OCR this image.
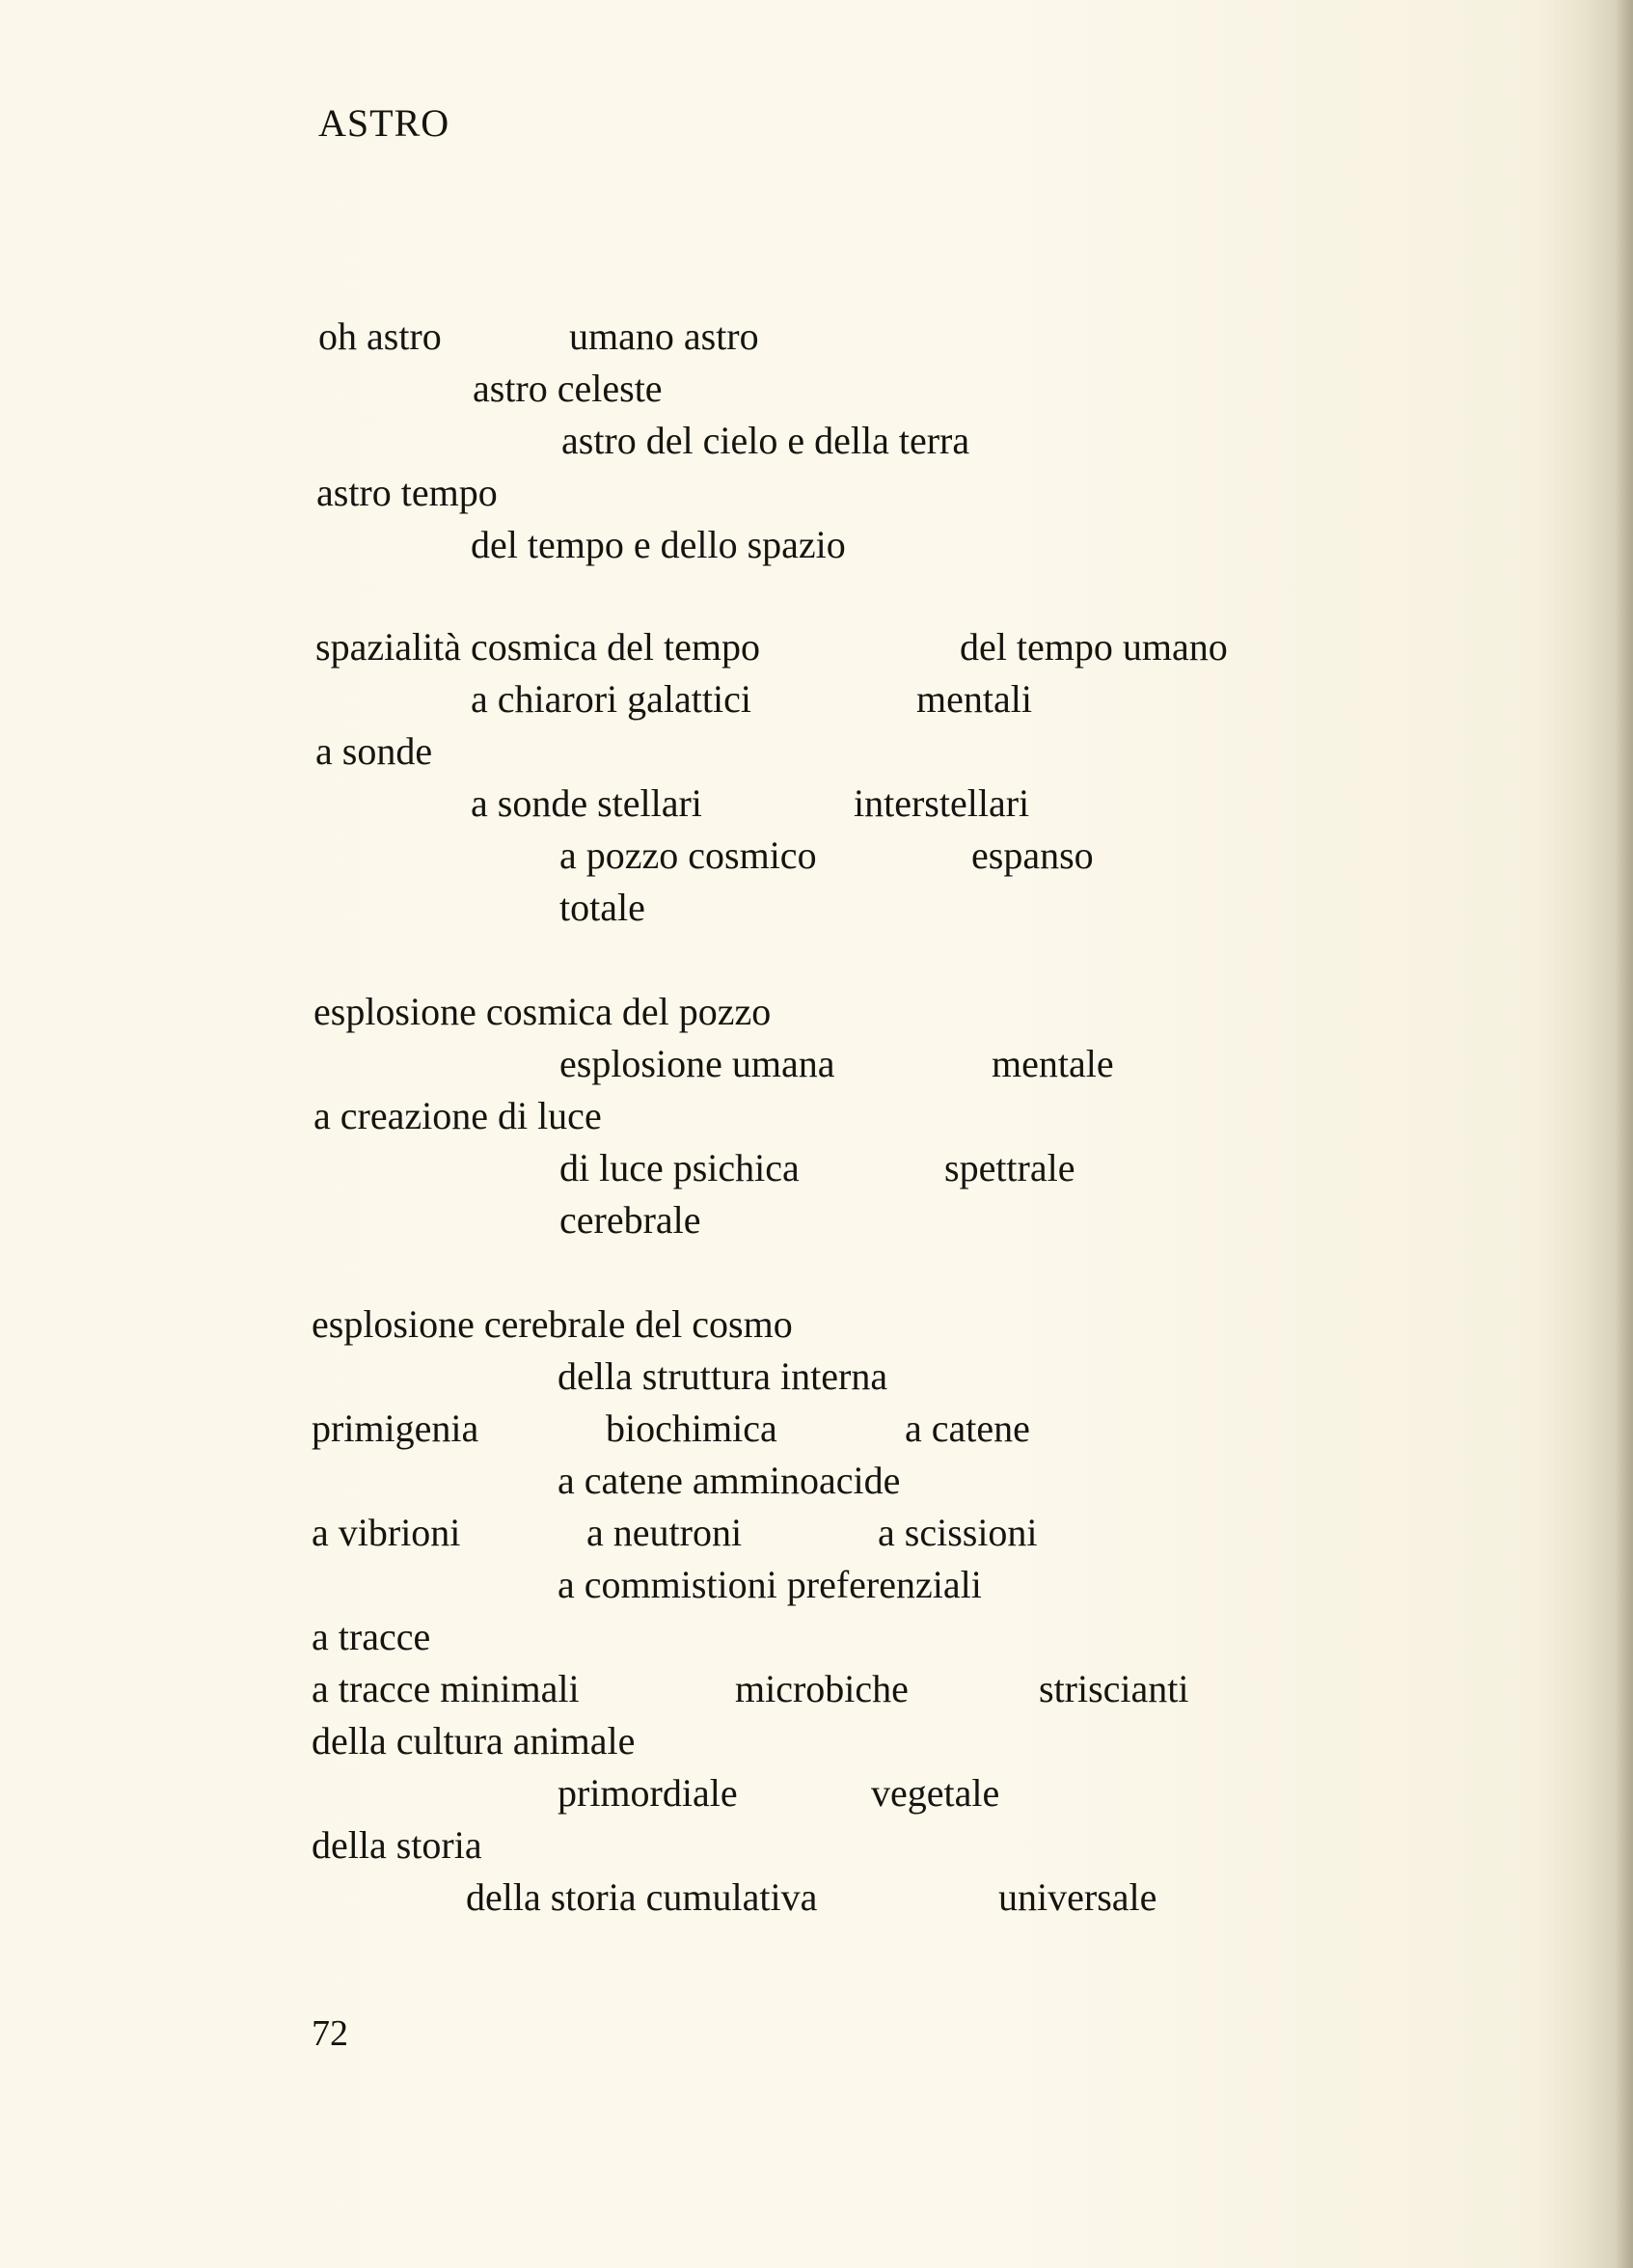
ASTRO
oh astro	umano astro
astro celeste
astro del cielo e della terra
astro tempo
del tempo e dello spazio
spazialità cosmica del tempo	del tempo umano
a chiarori galattici	mentali
a sonde
a sonde stellari	interstellari
a pozzo cosmico	espanso
totale
esplosione cosmica del pozzo
esplosione umana	mentale
a creazione di luce
di luce psichica	spettrale
cerebrale
esplosione cerebrale del cosmo
della struttura interna
primigenia	biochimica	a catene
a catene amminoacide
a vibrioni	a neutroni	a scissioni
a commistioni preferenziali
a tracce
a tracce minimali	microbiche	striscianti
della cultura animale
primordiale	vegetale
della storia
della storia cumulativa	universale
72
